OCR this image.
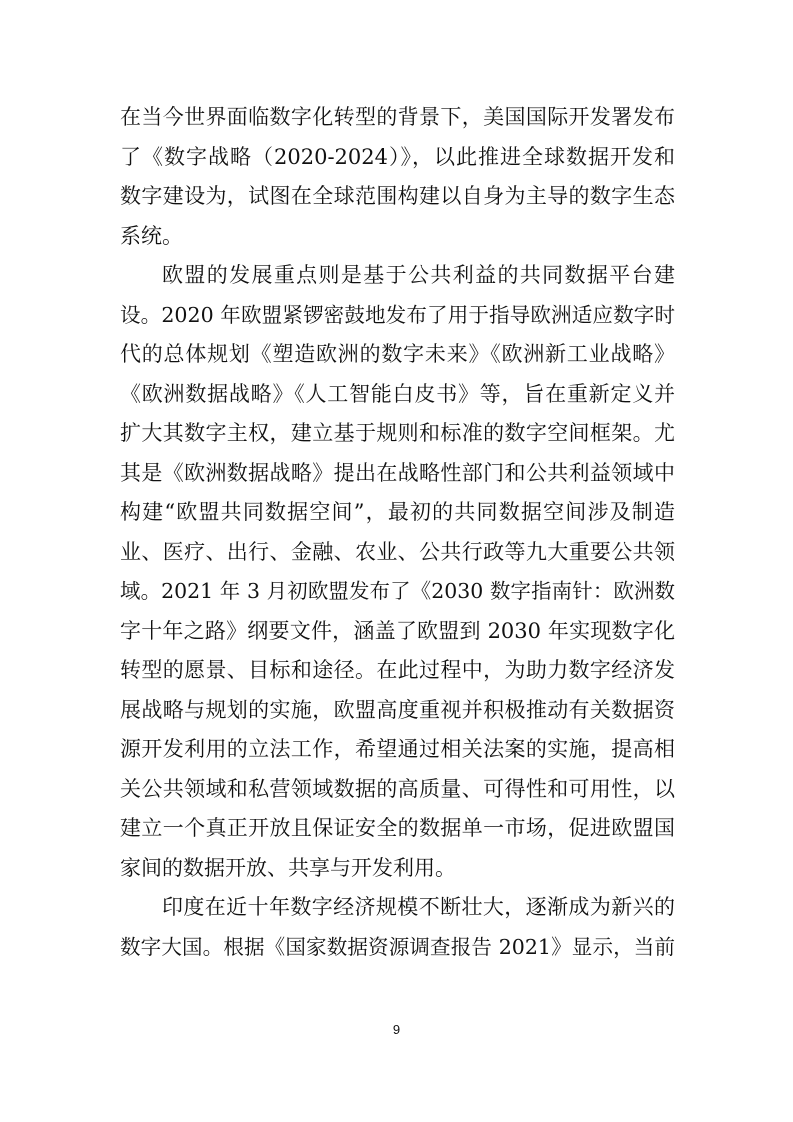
在当今世界面临数字化转型的背景下，美国国际开发署发布
了《数字战略（2020-2024）》，以此推进全球数据开发和
数字建设为，试图在全球范围构建以自身为主导的数字生态
系统。
欧盟的发展重点则是基于公共利益的共同数据平台建
设。2020 年欧盟紧锣密鼓地发布了用于指导欧洲适应数字时
代的总体规划《塑造欧洲的数字未来》《欧洲新工业战略》
《欧洲数据战略》《人工智能白皮书》等，旨在重新定义并
扩大其数字主权，建立基于规则和标准的数字空间框架。尤
其是《欧洲数据战略》提出在战略性部门和公共利益领域中
构建“欧盟共同数据空间”，最初的共同数据空间涉及制造
业、医疗、出行、金融、农业、公共行政等九大重要公共领
域。2021 年 3 月初欧盟发布了《2030 数字指南针：欧洲数
字十年之路》纲要文件，涵盖了欧盟到 2030 年实现数字化
转型的愿景、目标和途径。在此过程中，为助力数字经济发
展战略与规划的实施，欧盟高度重视并积极推动有关数据资
源开发利用的立法工作，希望通过相关法案的实施，提高相
关公共领域和私营领域数据的高质量、可得性和可用性，以
建立一个真正开放且保证安全的数据单一市场，促进欧盟国
家间的数据开放、共享与开发利用。
印度在近十年数字经济规模不断壮大，逐渐成为新兴的
数字大国。根据《国家数据资源调查报告 2021》显示，当前
9
